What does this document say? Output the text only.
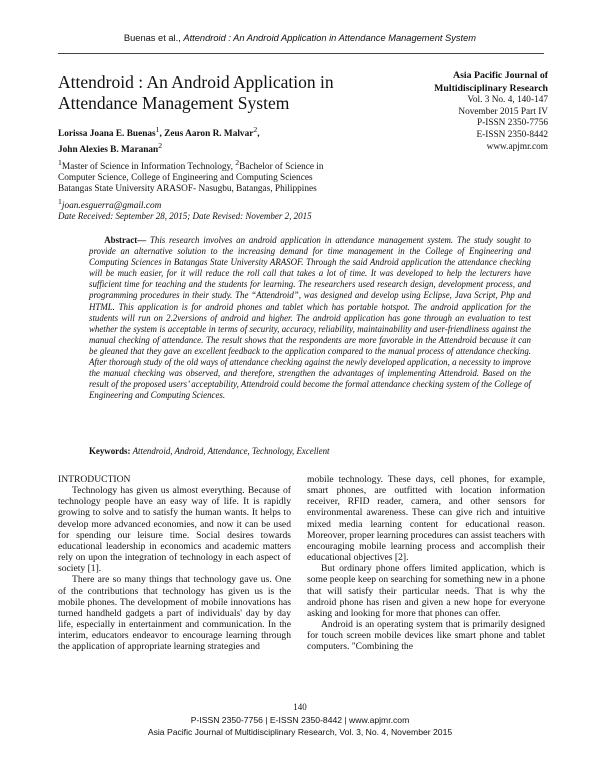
Buenas et al., Attendroid : An Android Application in Attendance Management System
Attendroid : An Android Application in
Attendance Management System
Asia Pacific Journal of
Multidisciplinary Research
Vol. 3 No. 4, 140-147
November 2015 Part IV
P-ISSN 2350-7756
E-ISSN 2350-8442
www.apjmr.com
Lorissa Joana E. Buenas$^1$, Zeus Aaron R. Malvar$^2$,
John Alexies B. Maranan$^2$
$^1$Master of Science in Information Technology, $^2$Bachelor of Science in
Computer Science, College of Engineering and Computing Sciences
Batangas State University ARASOF- Nasugbu, Batangas, Philippines
$^1$joan.esguerra@gmail.com
Date Received: September 28, 2015; Date Revised: November 2, 2015
Abstract— This research involves an android application in attendance management system. The study sought to provide an alternative solution to the increasing demand for time management in the College of Engineering and Computing Sciences in Batangas State University ARASOF. Through the said Android application the attendance checking will be much easier, for it will reduce the roll call that takes a lot of time. It was developed to help the lecturers have sufficient time for teaching and the students for learning. The researchers used research design, development process, and programming procedures in their study. The “Attendroid”, was designed and develop using Eclipse, Java Script, Php and HTML. This application is for android phones and tablet which has portable hotspot. The android application for the students will run on 2.2versions of android and higher. The android application has gone through an evaluation to test whether the system is acceptable in terms of security, accuracy, reliability, maintainability and user-friendliness against the manual checking of attendance. The result shows that the respondents are more favorable in the Attendroid because it can be gleaned that they gave an excellent feedback to the application compared to the manual process of attendance checking. After thorough study of the old ways of attendance checking against the newly developed application, a necessity to improve the manual checking was observed, and therefore, strengthen the advantages of implementing Attendroid. Based on the result of the proposed users’ acceptability, Attendroid could become the formal attendance checking system of the College of Engineering and Computing Sciences.
Keywords: Attendroid, Android, Attendance, Technology, Excellent

INTRODUCTION

Technology has given us almost everything. Because of technology people have an easy way of life. It is rapidly growing to solve and to satisfy the human wants. It helps to develop more advanced economies, and now it can be used for spending our leisure time. Social desires towards educational leadership in economics and academic matters rely on upon the integration of technology in each aspect of society [1].

There are so many things that technology gave us. One of the contributions that technology has given us is the mobile phones. The development of mobile innovations has turned handheld gadgets a part of individuals' day by day life, especially in entertainment and communication. In the interim, educators endeavor to encourage learning through the application of appropriate learning strategies and

mobile technology. These days, cell phones, for example, smart phones, are outfitted with location information receiver, RFID reader, camera, and other sensors for environmental awareness. These can give rich and intuitive mixed media learning content for educational reason. Moreover, proper learning procedures can assist teachers with encouraging mobile learning process and accomplish their educational objectives [2].

But ordinary phone offers limited application, which is some people keep on searching for something new in a phone that will satisfy their particular needs. That is why the android phone has risen and given a new hope for everyone asking and looking for more that phones can offer.

Android is an operating system that is primarily designed for touch screen mobile devices like smart phone and tablet computers. "Combining the

140
P-ISSN 2350-7756 | E-ISSN 2350-8442 | www.apjmr.com
Asia Pacific Journal of Multidisciplinary Research, Vol. 3, No. 4, November 2015
